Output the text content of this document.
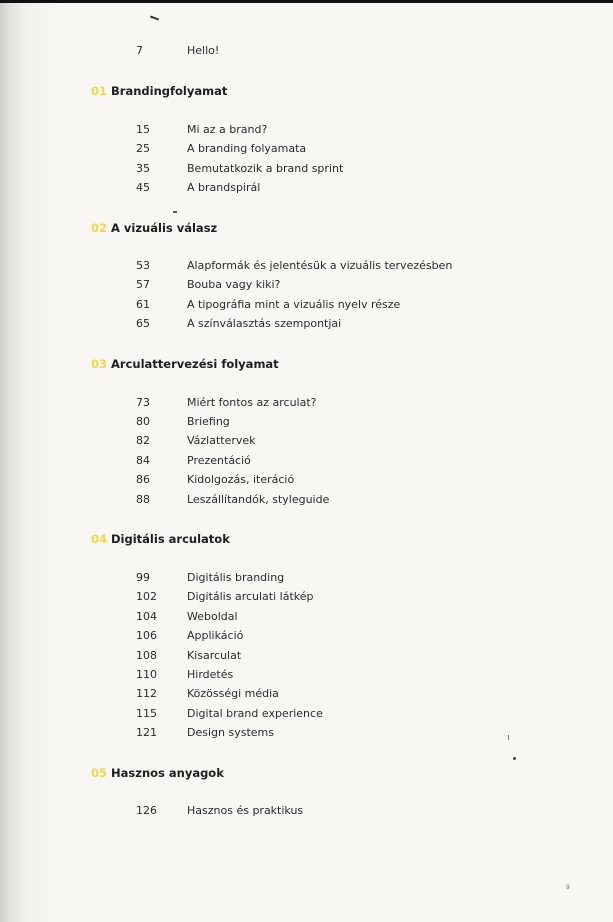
7	Hello!
01 Brandingfolyamat
15	Mi az a brand?
25	A branding folyamata
35	Bemutatkozik a brand sprint
45	A brandspirál
02 A vizuális válasz
53	Alapformák és jelentésük a vizuális tervezésben
57	Bouba vagy kiki?
61	A tipográfia mint a vizuális nyelv része
65	A színválasztás szempontjai
03 Arculattervezési folyamat
73	Miért fontos az arculat?
80	Briefing
82	Vázlattervek
84	Prezentáció
86	Kidolgozás, iteráció
88	Leszállítandók, styleguide
04 Digitális arculatok
99	Digitális branding
102	Digitális arculati látkép
104	Weboldal
106	Applikáció
108	Kisarculat
110	Hirdetés
112	Közösségi média
115	Digital brand experience
121	Design systems
05 Hasznos anyagok
126	Hasznos és praktikus
9
